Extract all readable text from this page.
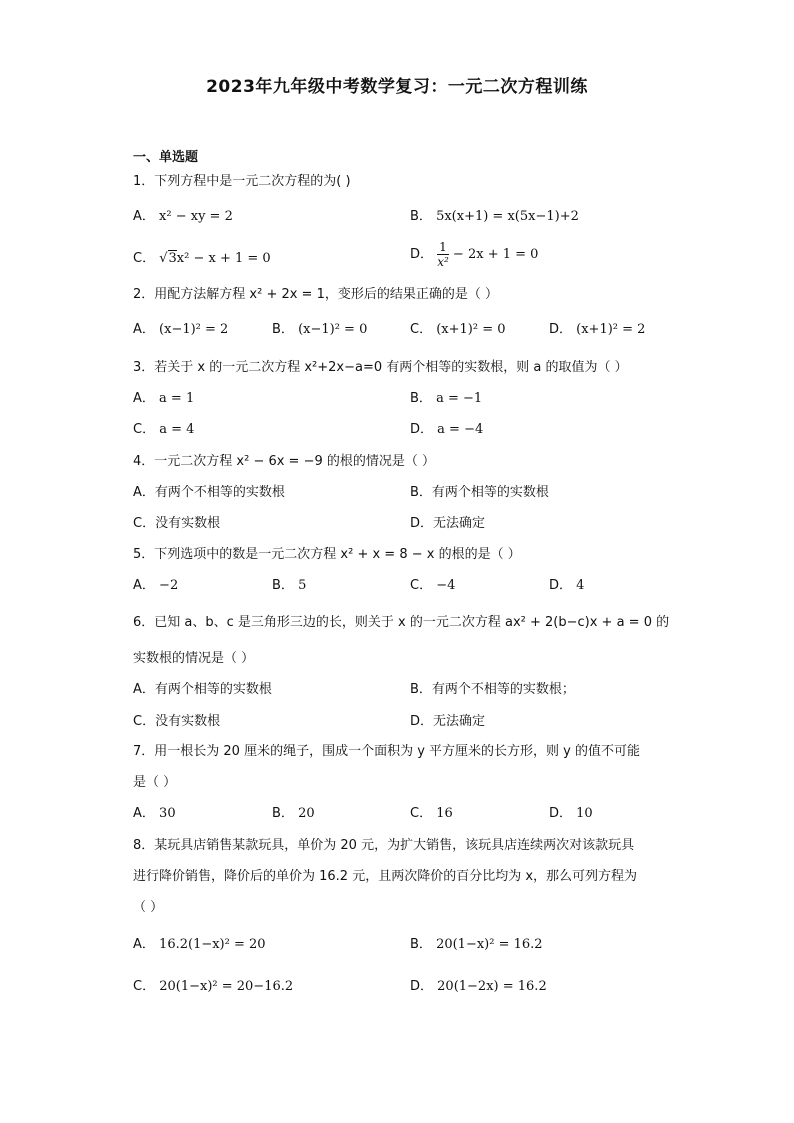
2023年九年级中考数学复习：一元二次方程训练
一、单选题
1．下列方程中是一元二次方程的为( )
A． x² − xy = 2	B． 5x(x+1) = x(5x−1)+2
C． √3x² − x + 1 = 0	D． $\frac{1}{\text{x²}} - 2x + 1 = 0$
2．用配方法解方程 x² + 2x = 1，变形后的结果正确的是（ ）
A． (x−1)² = 2	B． (x−1)² = 0	C． (x+1)² = 0	D． (x+1)² = 2
3．若关于 x 的一元二次方程 x²+2x−a=0 有两个相等的实数根，则 a 的取值为（ ）
A． a = 1	B． a = −1
C． a = 4	D． a = −4
4．一元二次方程 x² − 6x = −9 的根的情况是（ ）
A．有两个不相等的实数根	B．有两个相等的实数根
C．没有实数根	D．无法确定
5．下列选项中的数是一元二次方程 x² + x = 8 − x 的根的是（ ）
A． −2	B． 5	C． −4	D． 4
6．已知 a、b、c 是三角形三边的长，则关于 x 的一元二次方程 ax² + 2(b−c)x + a = 0 的
实数根的情况是（ ）
A．有两个相等的实数根	B．有两个不相等的实数根；
C．没有实数根	D．无法确定
7．用一根长为 20 厘米的绳子，围成一个面积为 y 平方厘米的长方形，则 y 的值不可能
是（ ）
A． 30	B． 20	C． 16	D． 10
8．某玩具店销售某款玩具，单价为 20 元，为扩大销售，该玩具店连续两次对该款玩具
进行降价销售，降价后的单价为 16.2 元，且两次降价的百分比均为 x，那么可列方程为
（ ）
A． 16.2(1−x)² = 20	B． 20(1−x)² = 16.2
C． 20(1−x)² = 20−16.2	D． 20(1−2x) = 16.2
